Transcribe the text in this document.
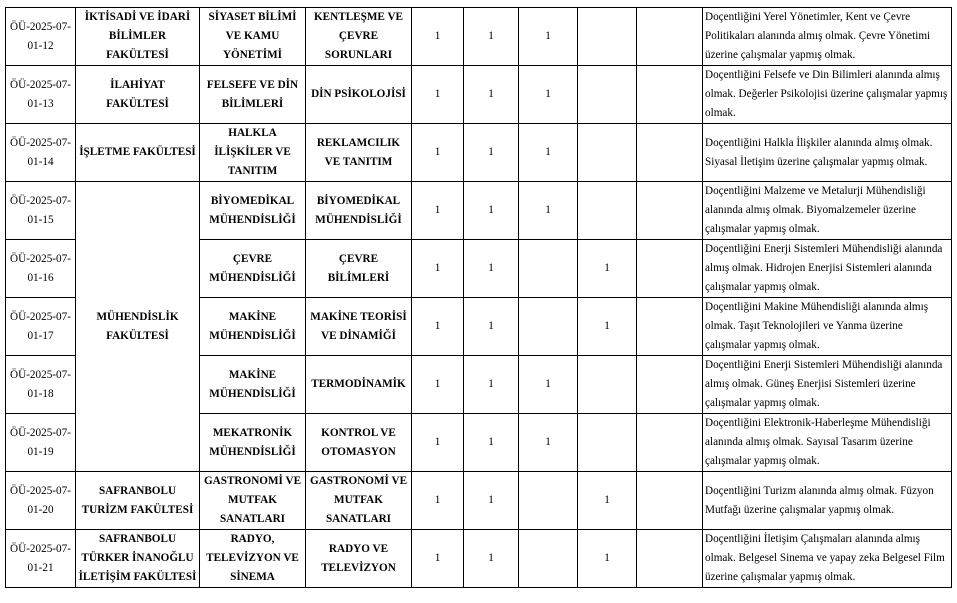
ÖÜ-2025-07-01-12	İKTİSADİ VE İDARİ BİLİMLER FAKÜLTESİ	SİYASET BİLİMİ VE KAMU YÖNETİMİ	KENTLEŞME VE ÇEVRE SORUNLARI	1	1	1			Doçentliğini Yerel Yönetimler, Kent ve Çevre Politikaları alanında almış olmak. Çevre Yönetimi üzerine çalışmalar yapmış olmak.
ÖÜ-2025-07-01-13	İLAHİYAT FAKÜLTESİ	FELSEFE VE DİN BİLİMLERİ	DİN PSİKOLOJİSİ	1	1	1			Doçentliğini Felsefe ve Din Bilimleri alanında almış olmak. Değerler Psikolojisi üzerine çalışmalar yapmış olmak.
ÖÜ-2025-07-01-14	İŞLETME FAKÜLTESİ	HALKLA İLİŞKİLER VE TANITIM	REKLAMCILIK VE TANITIM	1	1	1			Doçentliğini Halkla İlişkiler alanında almış olmak. Siyasal İletişim üzerine çalışmalar yapmış olmak.
ÖÜ-2025-07-01-15	MÜHENDİSLİK FAKÜLTESİ	BİYOMEDİKAL MÜHENDİSLİĞİ	BİYOMEDİKAL MÜHENDİSLİĞİ	1	1	1			Doçentliğini Malzeme ve Metalurji Mühendisliği alanında almış olmak. Biyomalzemeler üzerine çalışmalar yapmış olmak.
ÖÜ-2025-07-01-16		ÇEVRE MÜHENDİSLİĞİ	ÇEVRE BİLİMLERİ	1	1		1		Doçentliğini Enerji Sistemleri Mühendisliği alanında almış olmak. Hidrojen Enerjisi Sistemleri alanında çalışmalar yapmış olmak.
ÖÜ-2025-07-01-17		MAKİNE MÜHENDİSLİĞİ	MAKİNE TEORİSİ VE DİNAMİĞİ	1	1		1		Doçentliğini Makine Mühendisliği alanında almış olmak. Taşıt Teknolojileri ve Yanma üzerine çalışmalar yapmış olmak.
ÖÜ-2025-07-01-18		MAKİNE MÜHENDİSLİĞİ	TERMODİNAMİK	1	1	1			Doçentliğini Enerji Sistemleri Mühendisliği alanında almış olmak. Güneş Enerjisi Sistemleri üzerine çalışmalar yapmış olmak.
ÖÜ-2025-07-01-19		MEKATRONİK MÜHENDİSLİĞİ	KONTROL VE OTOMASYON	1	1	1			Doçentliğini Elektronik-Haberleşme Mühendisliği alanında almış olmak. Sayısal Tasarım üzerine çalışmalar yapmış olmak.
ÖÜ-2025-07-01-20	SAFRANBOLU TURİZM FAKÜLTESİ	GASTRONOMİ VE MUTFAK SANATLARI	GASTRONOMİ VE MUTFAK SANATLARI	1	1		1		Doçentliğini Turizm alanında almış olmak. Füzyon Mutfağı üzerine çalışmalar yapmış olmak.
ÖÜ-2025-07-01-21	SAFRANBOLU TÜRKER İNANOĞLU İLETİŞİM FAKÜLTESİ	RADYO, TELEVİZYON VE SİNEMA	RADYO VE TELEVİZYON	1	1		1		Doçentliğini İletişim Çalışmaları alanında almış olmak. Belgesel Sinema ve yapay zeka Belgesel Film üzerine çalışmalar yapmış olmak.
